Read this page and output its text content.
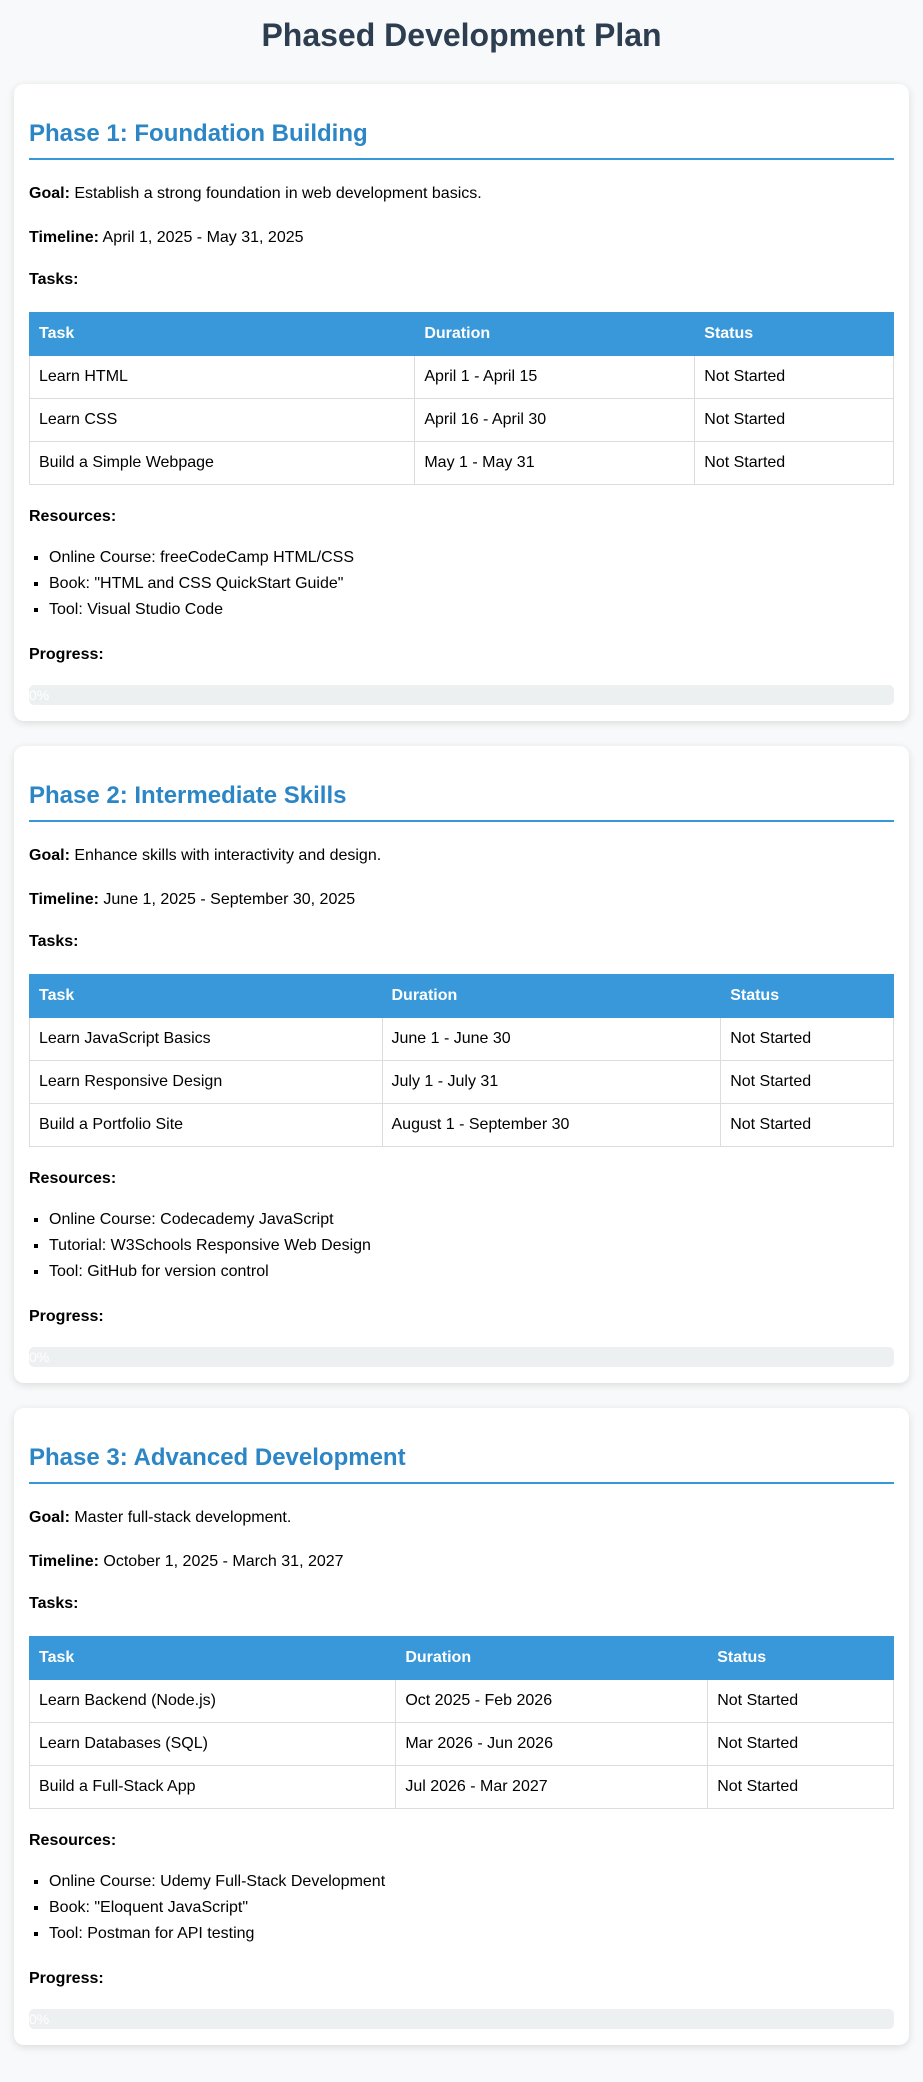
Phased Development Plan
Phase 1: Foundation Building

Goal: Establish a strong foundation in web development basics.

Timeline: April 1, 2025 - May 31, 2025

Tasks:

Task	Duration	Status
Learn HTML	April 1 - April 15	Not Started
Learn CSS	April 16 - April 30	Not Started
Build a Simple Webpage	May 1 - May 31	Not Started

Resources:

▪ Online Course: freeCodeCamp HTML/CSS
▪ Book: "HTML and CSS QuickStart Guide"
▪ Tool: Visual Studio Code

Progress:

0%
Phase 2: Intermediate Skills

Goal: Enhance skills with interactivity and design.

Timeline: June 1, 2025 - September 30, 2025

Tasks:

Task	Duration	Status
Learn JavaScript Basics	June 1 - June 30	Not Started
Learn Responsive Design	July 1 - July 31	Not Started
Build a Portfolio Site	August 1 - September 30	Not Started

Resources:

▪ Online Course: Codecademy JavaScript
▪ Tutorial: W3Schools Responsive Web Design
▪ Tool: GitHub for version control

Progress:

0%
Phase 3: Advanced Development

Goal: Master full-stack development.

Timeline: October 1, 2025 - March 31, 2027

Tasks:

Task	Duration	Status
Learn Backend (Node.js)	Oct 2025 - Feb 2026	Not Started
Learn Databases (SQL)	Mar 2026 - Jun 2026	Not Started
Build a Full-Stack App	Jul 2026 - Mar 2027	Not Started

Resources:

▪ Online Course: Udemy Full-Stack Development
▪ Book: "Eloquent JavaScript"
▪ Tool: Postman for API testing

Progress:

0%
